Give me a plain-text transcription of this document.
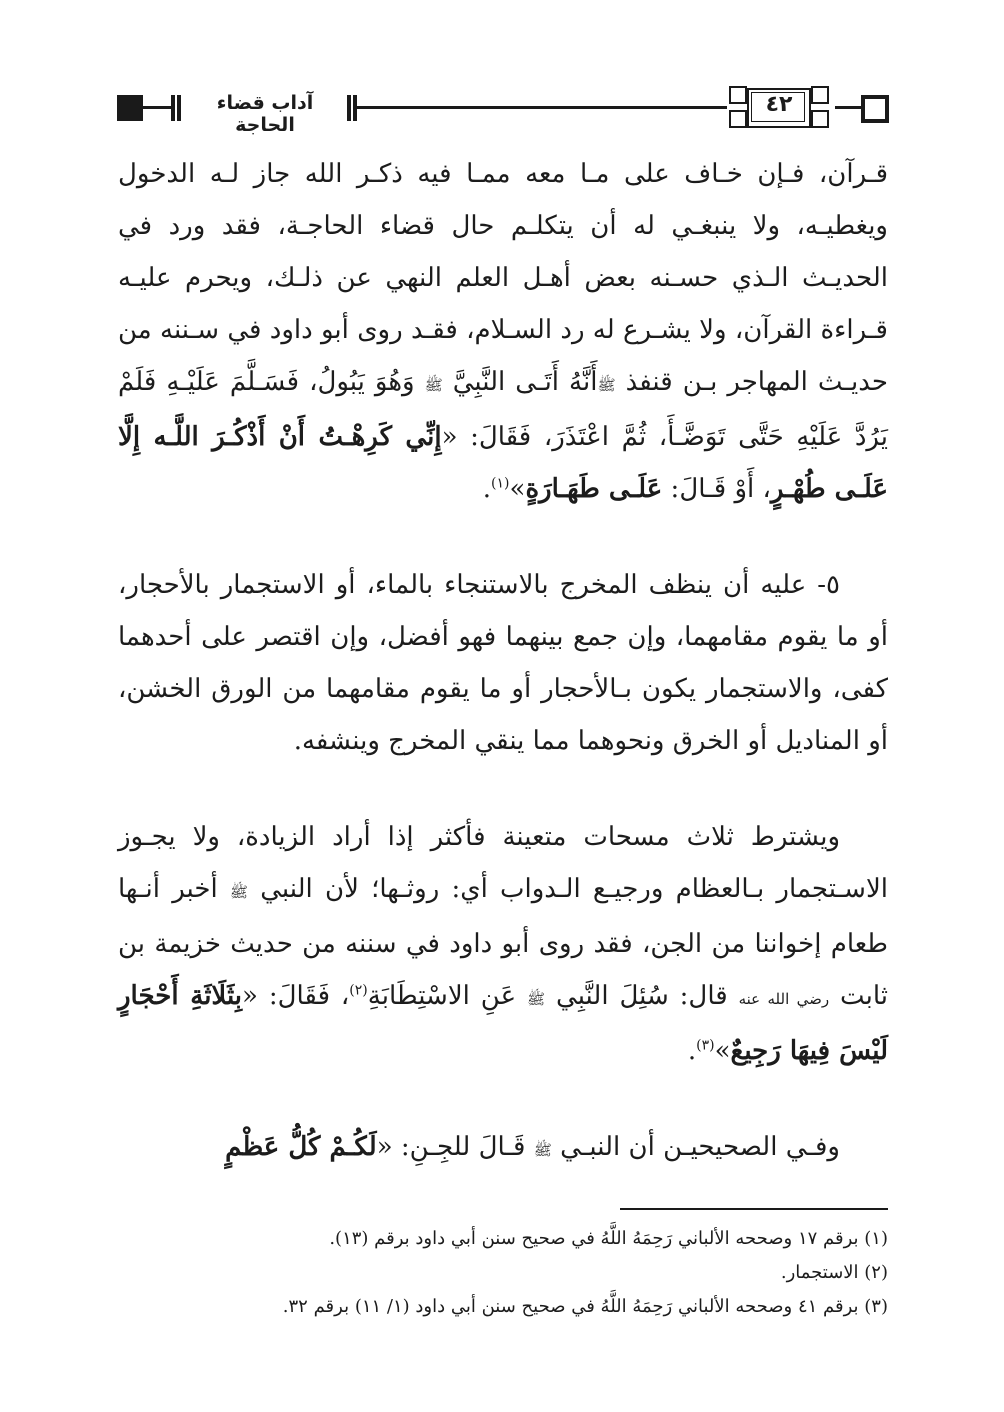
آداب قضاء الحاجة
٤٢

قـرآن، فـإن خـاف على مـا معه ممـا فيه ذكـر الله جاز لـه الدخول ويغطيـه، ولا ينبغـي له أن يتكلـم حال قضاء الحاجـة، فقد ورد في الحديـث الـذي حسـنه بعض أهـل العلم النهي عن ذلـك، ويحرم عليـه قـراءة القرآن، ولا يشـرع له رد السـلام، فقـد روى أبو داود في سـننه من حديـث المهاجر بـن قنفذ ﷺأَنَّهُ أَتَـى النَّبِيَّ ﷺ وَهُوَ يَبُولُ، فَسَـلَّمَ عَلَيْـهِ فَلَمْ يَرُدَّ عَلَيْهِ حَتَّى تَوَضَّـأَ، ثُمَّ اعْتَذَرَ، فَقَالَ: «إِنِّي كَرِهْـتُ أَنْ أَذْكُـرَ اللَّـه إِلَّا عَلَـى طُهْـرٍ، أَوْ قَـالَ: عَلَـى طَهَـارَةٍ»$^{(١)}$.

٥- عليه أن ينظف المخرج بالاستنجاء بالماء، أو الاستجمار بالأحجار، أو ما يقوم مقامهما، وإن جمع بينهما فهو أفضل، وإن اقتصر على أحدهما كفى، والاستجمار يكون بـالأحجار أو ما يقوم مقامهما من الورق الخشن، أو المناديل أو الخرق ونحوهما مما ينقي المخرج وينشفه.

ويشترط ثلاث مسحات متعينة فأكثر إذا أراد الزيادة، ولا يجـوز الاسـتجمار بـالعظام ورجيـع الـدواب أي: روثـها؛ لأن النبي ﷺ أخبر أنـها طعام إخواننا من الجن، فقد روى أبو داود في سننه من حديث خزيمة بن ثابت رضي الله عنه قال: سُئِلَ النَّبِي ﷺ عَنِ الاسْتِطَابَةِ$^{(٢)}$، فَقَالَ: «بِثَلَاثَةِ أَحْجَارٍ لَيْسَ فِيهَا رَجِيعٌ»$^{(٣)}$.

وفـي الصحيحيـن أن النبـي ﷺ قَـالَ للجِـنِ: «لَكُـمْ كُلُّ عَظْمٍ

(١) برقم ١٧ وصححه الألباني رَحِمَهُ اللَّهُ في صحيح سنن أبي داود برقم (١٣).
(٢) الاستجمار.
(٣) برقم ٤١ وصححه الألباني رَحِمَهُ اللَّهُ في صحيح سنن أبي داود (١/ ١١) برقم ٣٢.
